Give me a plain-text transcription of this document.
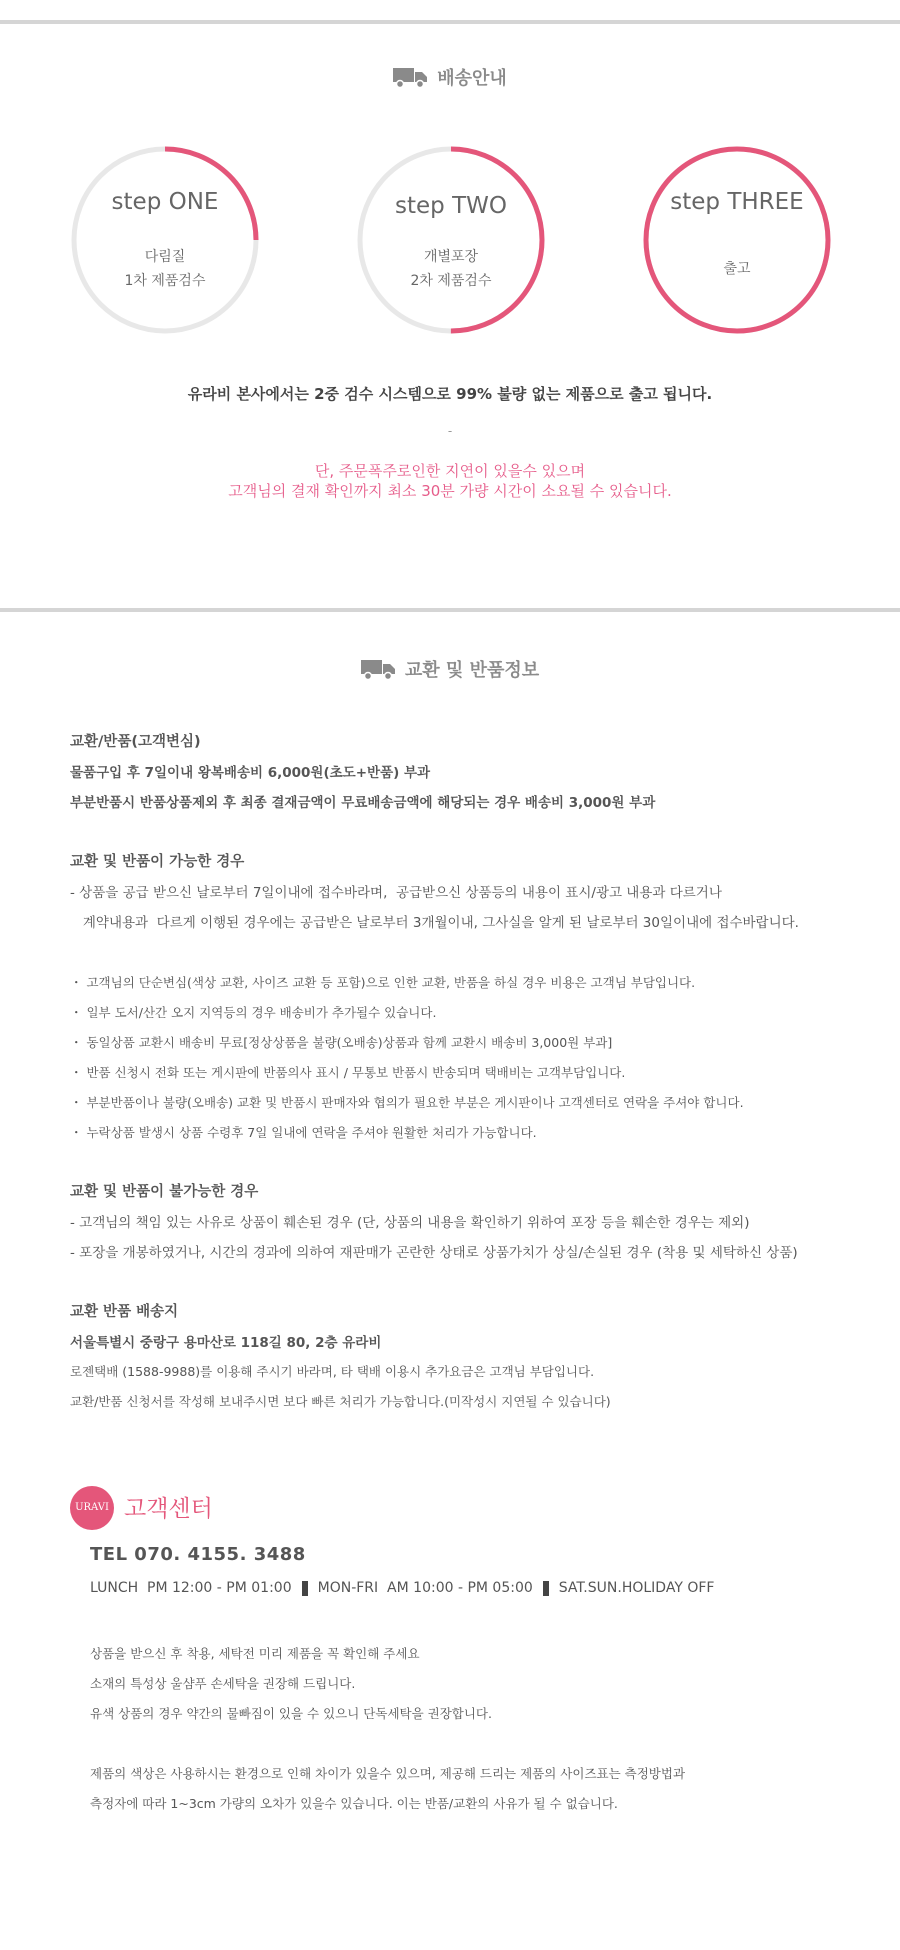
배송안내
step ONE
다림질
1차 제품검수
step TWO
개별포장
2차 제품검수
step THREE
출고
유라비 본사에서는 2중 검수 시스템으로 99% 불량 없는 제품으로 출고 됩니다.
-
단, 주문폭주로인한 지연이 있을수 있으며
고객님의 결재 확인까지 최소 30분 가량 시간이 소요될 수 있습니다.
교환 및 반품정보
교환/반품(고객변심)
물품구입 후 7일이내 왕복배송비 6,000원(초도+반품) 부과
부분반품시 반품상품제외 후 최종 결재금액이 무료배송금액에 해당되는 경우 배송비 3,000원 부과
교환 및 반품이 가능한 경우
- 상품을 공급 받으신 날로부터 7일이내에 접수바라며,  공급받으신 상품등의 내용이 표시/광고 내용과 다르거나
계약내용과  다르게 이행된 경우에는 공급받은 날로부터 3개월이내, 그사실을 알게 된 날로부터 30일이내에 접수바랍니다.
・ 고객님의 단순변심(색상 교환, 사이즈 교환 등 포함)으로 인한 교환, 반품을 하실 경우 비용은 고객님 부담입니다.
・ 일부 도서/산간 오지 지역등의 경우 배송비가 추가될수 있습니다.
・ 동일상품 교환시 배송비 무료[정상상품을 불량(오배송)상품과 함께 교환시 배송비 3,000원 부과]
・ 반품 신청시 전화 또는 게시판에 반품의사 표시 / 무통보 반품시 반송되며 택배비는 고객부담입니다.
・ 부분반품이나 불량(오배송) 교환 및 반품시 판매자와 협의가 필요한 부분은 게시판이나 고객센터로 연락을 주셔야 합니다.
・ 누락상품 발생시 상품 수령후 7일 일내에 연락을 주셔야 원활한 처리가 가능합니다.
교환 및 반품이 불가능한 경우
- 고객님의 책임 있는 사유로 상품이 훼손된 경우 (단, 상품의 내용을 확인하기 위하여 포장 등을 훼손한 경우는 제외)
- 포장을 개봉하였거나, 시간의 경과에 의하여 재판매가 곤란한 상태로 상품가치가 상실/손실된 경우 (착용 및 세탁하신 상품)
교환 반품 배송지
서울특별시 중랑구 용마산로 118길 80, 2층 유라비
로젠택배 (1588-9988)를 이용해 주시기 바라며, 타 택배 이용시 추가요금은 고객님 부담입니다.
교환/반품 신청서를 작성해 보내주시면 보다 빠른 처리가 가능합니다.(미작성시 지연될 수 있습니다)
URAVI 고객센터
TEL 070. 4155. 3488
LUNCH  PM 12:00 - PM 01:00 MON-FRI  AM 10:00 - PM 05:00 SAT.SUN.HOLIDAY OFF
상품을 받으신 후 착용, 세탁전 미리 제품을 꼭 확인해 주세요
소재의 특성상 울샴푸 손세탁을 권장해 드립니다.
유색 상품의 경우 약간의 물빠짐이 있을 수 있으니 단독세탁을 권장합니다.
제품의 색상은 사용하시는 환경으로 인해 차이가 있을수 있으며, 제공해 드리는 제품의 사이즈표는 측정방법과
측정자에 따라 1~3cm 가량의 오차가 있을수 있습니다. 이는 반품/교환의 사유가 될 수 없습니다.
